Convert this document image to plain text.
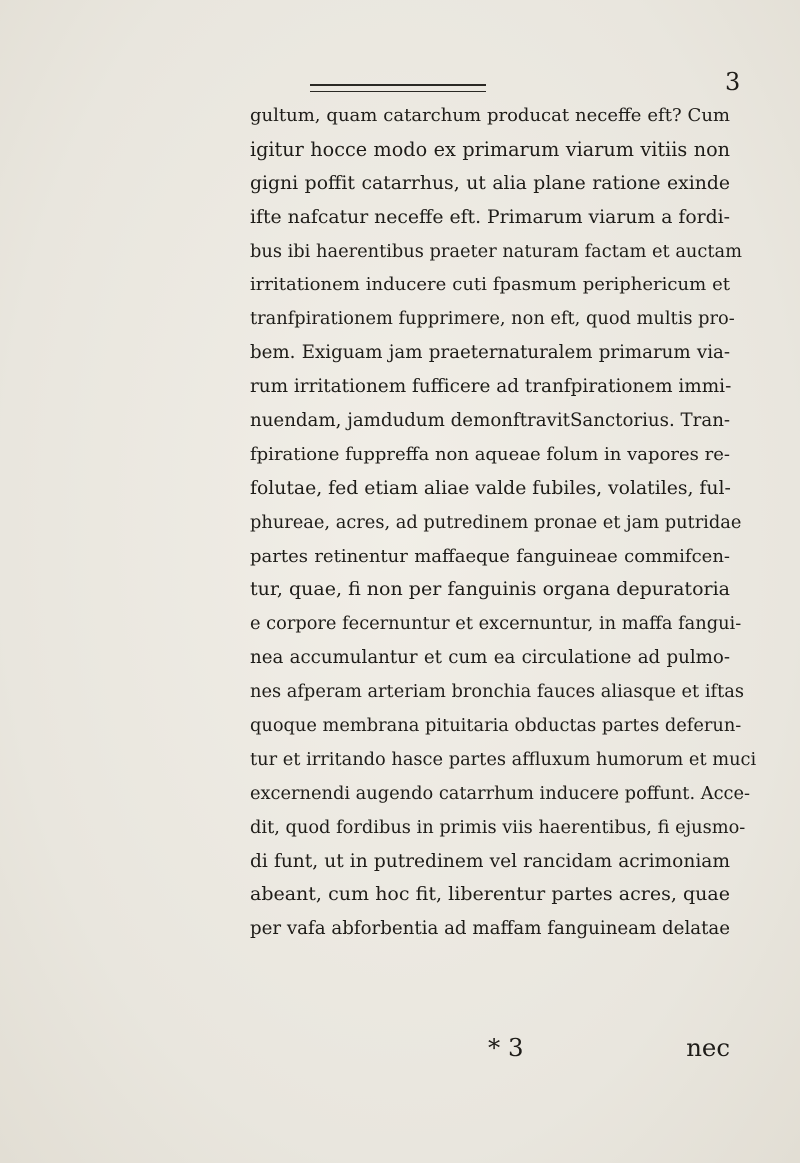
3
gultum, quam catarchum producat neceffe eft? Cum
igitur hocce modo ex primarum viarum vitiis non
gigni poffit catarrhus, ut alia plane ratione exinde
ifte nafcatur neceffe eft. Primarum viarum a fordi-
bus ibi haerentibus praeter naturam factam et auctam
irritationem inducere cuti fpasmum periphericum et
tranfpirationem fupprimere, non eft, quod multis pro-
bem. Exiguam jam praeternaturalem primarum via-
rum irritationem fufficere ad tranfpirationem immi-
nuendam, jamdudum demonftravitSanctorius. Tran-
fpiratione fuppreffa non aqueae folum in vapores re-
folutae, fed etiam aliae valde fubiles, volatiles, ful-
phureae, acres, ad putredinem pronae et jam putridae
partes retinentur maffaeque fanguineae commifcen-
tur, quae, fi non per fanguinis organa depuratoria
e corpore fecernuntur et excernuntur, in maffa fangui-
nea accumulantur et cum ea circulatione ad pulmo-
nes afperam arteriam bronchia fauces aliasque et iftas
quoque membrana pituitaria obductas partes deferun-
tur et irritando hasce partes affluxum humorum et muci
excernendi augendo catarrhum inducere poffunt. Acce-
dit, quod fordibus in primis viis haerentibus, fi ejusmo-
di funt, ut in putredinem vel rancidam acrimoniam
abeant, cum hoc fit, liberentur partes acres, quae
per vafa abforbentia ad maffam fanguineam delatae
* 3	nec
